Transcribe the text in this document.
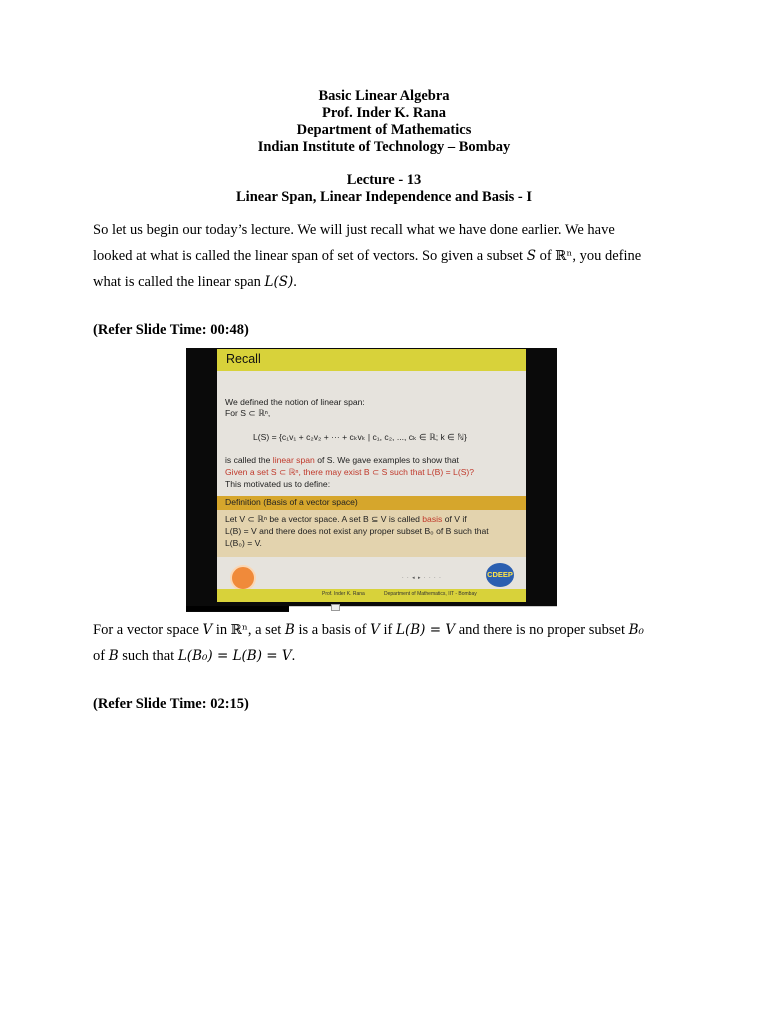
Basic Linear Algebra
Prof. Inder K. Rana
Department of Mathematics
Indian Institute of Technology – Bombay
Lecture - 13
Linear Span, Linear Independence and Basis - I
So let us begin our today’s lecture. We will just recall what we have done earlier. We have
looked at what is called the linear span of set of vectors. So given a subset S of ℝⁿ, you define
what is called the linear span L(S).
(Refer Slide Time: 00:48)
Recall
We defined the notion of linear span:
For S ⊂ ℝⁿ,
L(S) = {c₁v₁ + c₂v₂ + ··· + cₖvₖ | c₁, c₂, ..., cₖ ∈ ℝ; k ∈ ℕ}
is called the linear span of S. We gave examples to show that
Given a set S ⊂ ℝⁿ, there may exist B ⊂ S such that L(B) = L(S)?
This motivated us to define:
Definition (Basis of a vector space)
Let V ⊂ ℝⁿ be a vector space. A set B ⊆ V is called basis of V if
L(B) = V and there does not exist any proper subset B₀ of B such that
L(B₀) = V.
· · ◂ ▸ · · · ·	CDEEP
Prof. Inder K. Rana	Department of Mathematics, IIT - Bombay
For a vector space V in ℝⁿ, a set B is a basis of V if L(B) = V and there is no proper subset B₀
of B such that L(B₀) = L(B) = V.
(Refer Slide Time: 02:15)
